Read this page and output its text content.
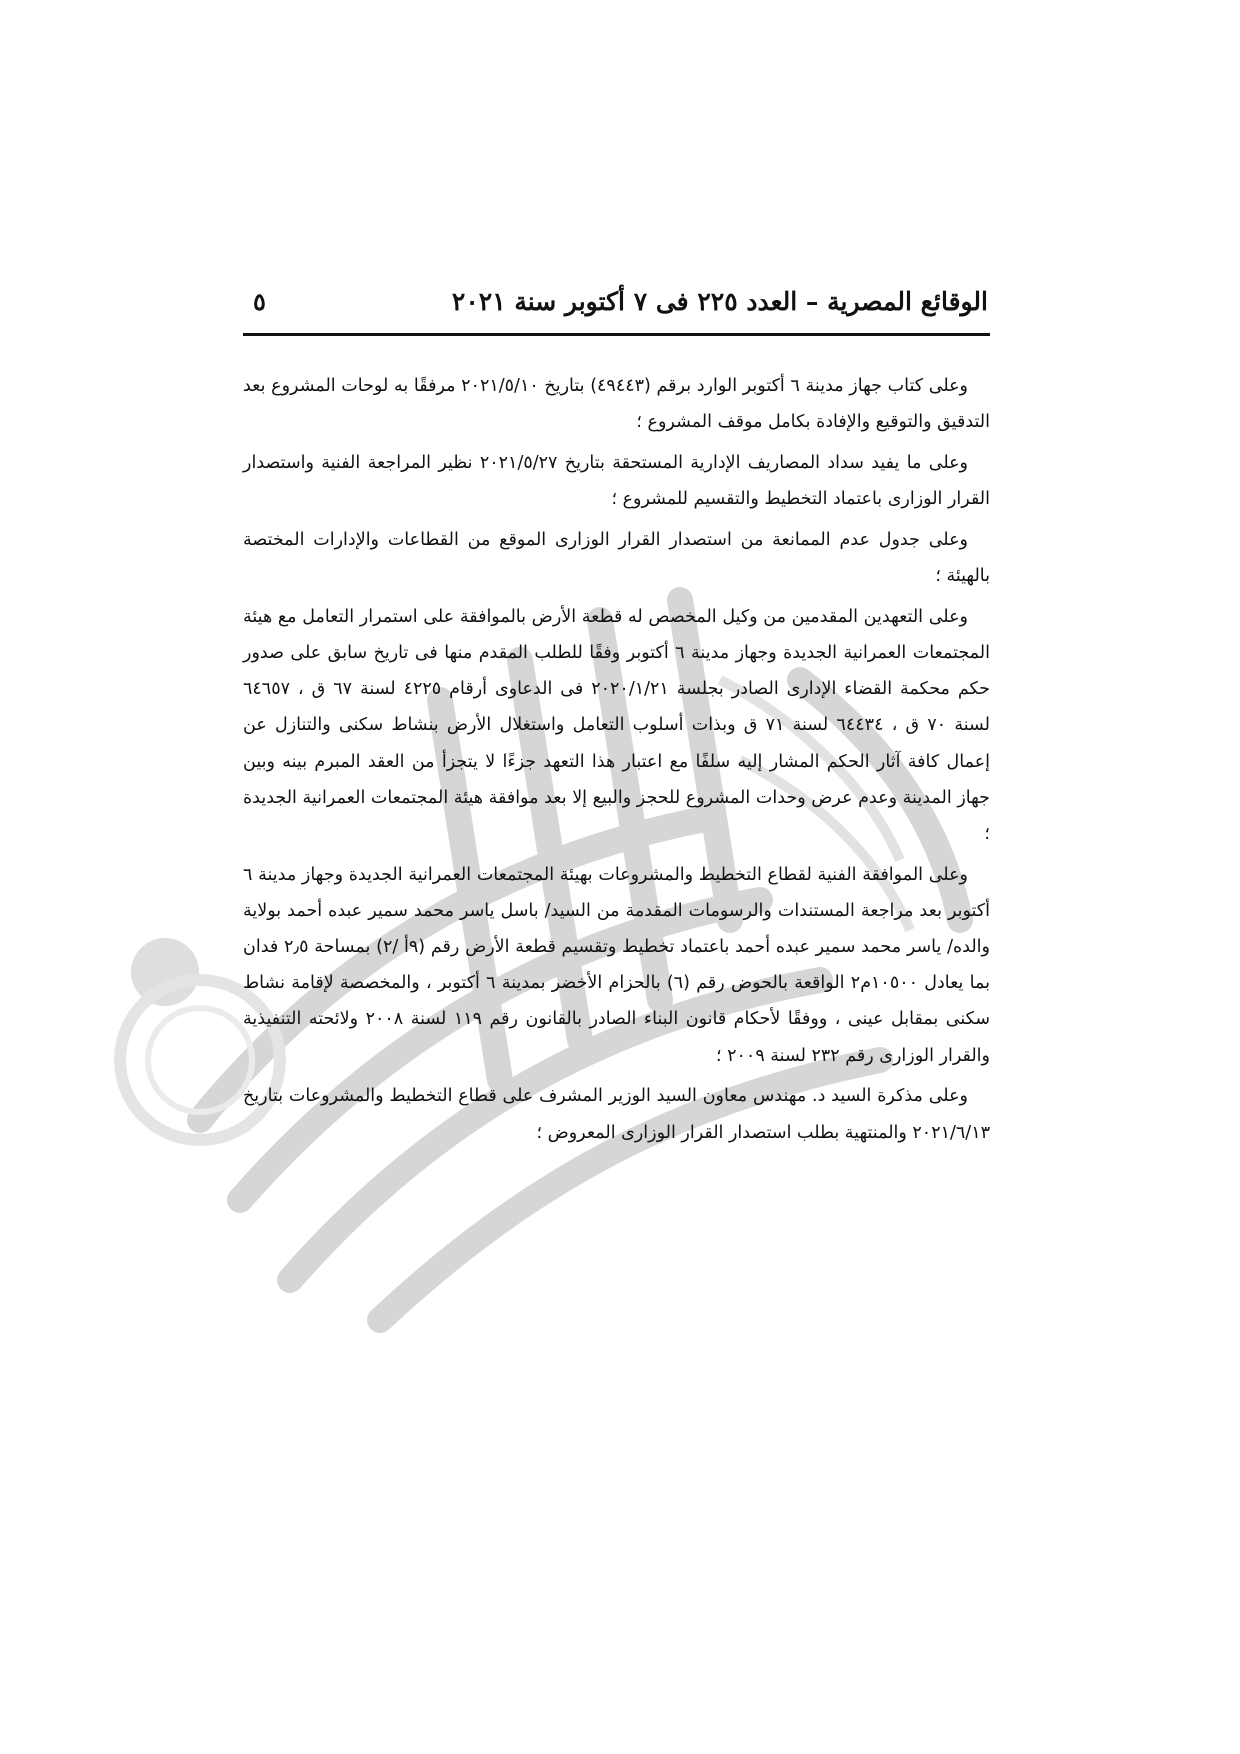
الوقائع المصرية – العدد ٢٢٥ فى ٧ أكتوبر سنة ٢٠٢١
٥

وعلى كتاب جهاز مدينة ٦ أكتوبر الوارد برقم (٤٩٤٤٣) بتاريخ ٢٠٢١/٥/١٠ مرفقًا به لوحات المشروع بعد التدقيق والتوقيع والإفادة بكامل موقف المشروع ؛

وعلى ما يفيد سداد المصاريف الإدارية المستحقة بتاريخ ٢٠٢١/٥/٢٧ نظير المراجعة الفنية واستصدار القرار الوزارى باعتماد التخطيط والتقسيم للمشروع ؛

وعلى جدول عدم الممانعة من استصدار القرار الوزارى الموقع من القطاعات والإدارات المختصة بالهيئة ؛

وعلى التعهدين المقدمين من وكيل المخصص له قطعة الأرض بالموافقة على استمرار التعامل مع هيئة المجتمعات العمرانية الجديدة وجهاز مدينة ٦ أكتوبر وفقًا للطلب المقدم منها فى تاريخ سابق على صدور حكم محكمة القضاء الإدارى الصادر بجلسة ٢٠٢٠/١/٢١ فى الدعاوى أرقام ٤٢٢٥ لسنة ٦٧ ق ، ٦٤٦٥٧ لسنة ٧٠ ق ، ٦٤٤٣٤ لسنة ٧١ ق وبذات أسلوب التعامل واستغلال الأرض بنشاط سكنى والتنازل عن إعمال كافة آثار الحكم المشار إليه سلفًا مع اعتبار هذا التعهد جزءًا لا يتجزأ من العقد المبرم بينه وبين جهاز المدينة وعدم عرض وحدات المشروع للحجز والبيع إلا بعد موافقة هيئة المجتمعات العمرانية الجديدة ؛

وعلى الموافقة الفنية لقطاع التخطيط والمشروعات بهيئة المجتمعات العمرانية الجديدة وجهاز مدينة ٦ أكتوبر بعد مراجعة المستندات والرسومات المقدمة من السيد/ باسل ياسر محمد سمير عبده أحمد بولاية والده/ ياسر محمد سمير عبده أحمد باعتماد تخطيط وتقسيم قطعة الأرض رقم (٩أ /٢) بمساحة ٢٫٥ فدان بما يعادل ١٠٥٠٠م٢ الواقعة بالحوض رقم (٦) بالحزام الأخضر بمدينة ٦ أكتوبر ، والمخصصة لإقامة نشاط سكنى بمقابل عينى ، ووفقًا لأحكام قانون البناء الصادر بالقانون رقم ١١٩ لسنة ٢٠٠٨ ولائحته التنفيذية والقرار الوزارى رقم ٢٣٢ لسنة ٢٠٠٩ ؛

وعلى مذكرة السيد د. مهندس معاون السيد الوزير المشرف على قطاع التخطيط والمشروعات بتاريخ ٢٠٢١/٦/١٣ والمنتهية بطلب استصدار القرار الوزارى المعروض ؛
